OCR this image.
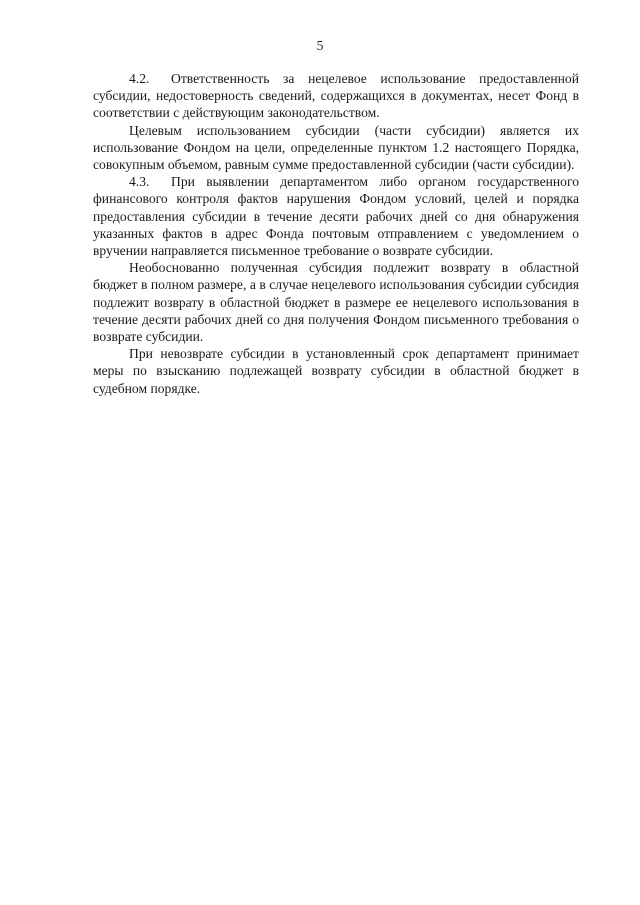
5

4.2. Ответственность за нецелевое использование предоставленной субсидии, недостоверность сведений, содержащихся в документах, несет Фонд в соответствии с действующим законодательством.

Целевым использованием субсидии (части субсидии) является их использование Фондом на цели, определенные пунктом 1.2 настоящего Порядка, совокупным объемом, равным сумме предоставленной субсидии (части субсидии).

4.3. При выявлении департаментом либо органом государственного финансового контроля фактов нарушения Фондом условий, целей и порядка предоставления субсидии в течение десяти рабочих дней со дня обнаружения указанных фактов в адрес Фонда почтовым отправлением с уведомлением о вручении направляется письменное требование о возврате субсидии.

Необоснованно полученная субсидия подлежит возврату в областной бюджет в полном размере, а в случае нецелевого использования субсидии субсидия подлежит возврату в областной бюджет в размере ее нецелевого использования в течение десяти рабочих дней со дня получения Фондом письменного требования о возврате субсидии.

При невозврате субсидии в установленный срок департамент принимает меры по взысканию подлежащей возврату субсидии в областной бюджет в судебном порядке.
